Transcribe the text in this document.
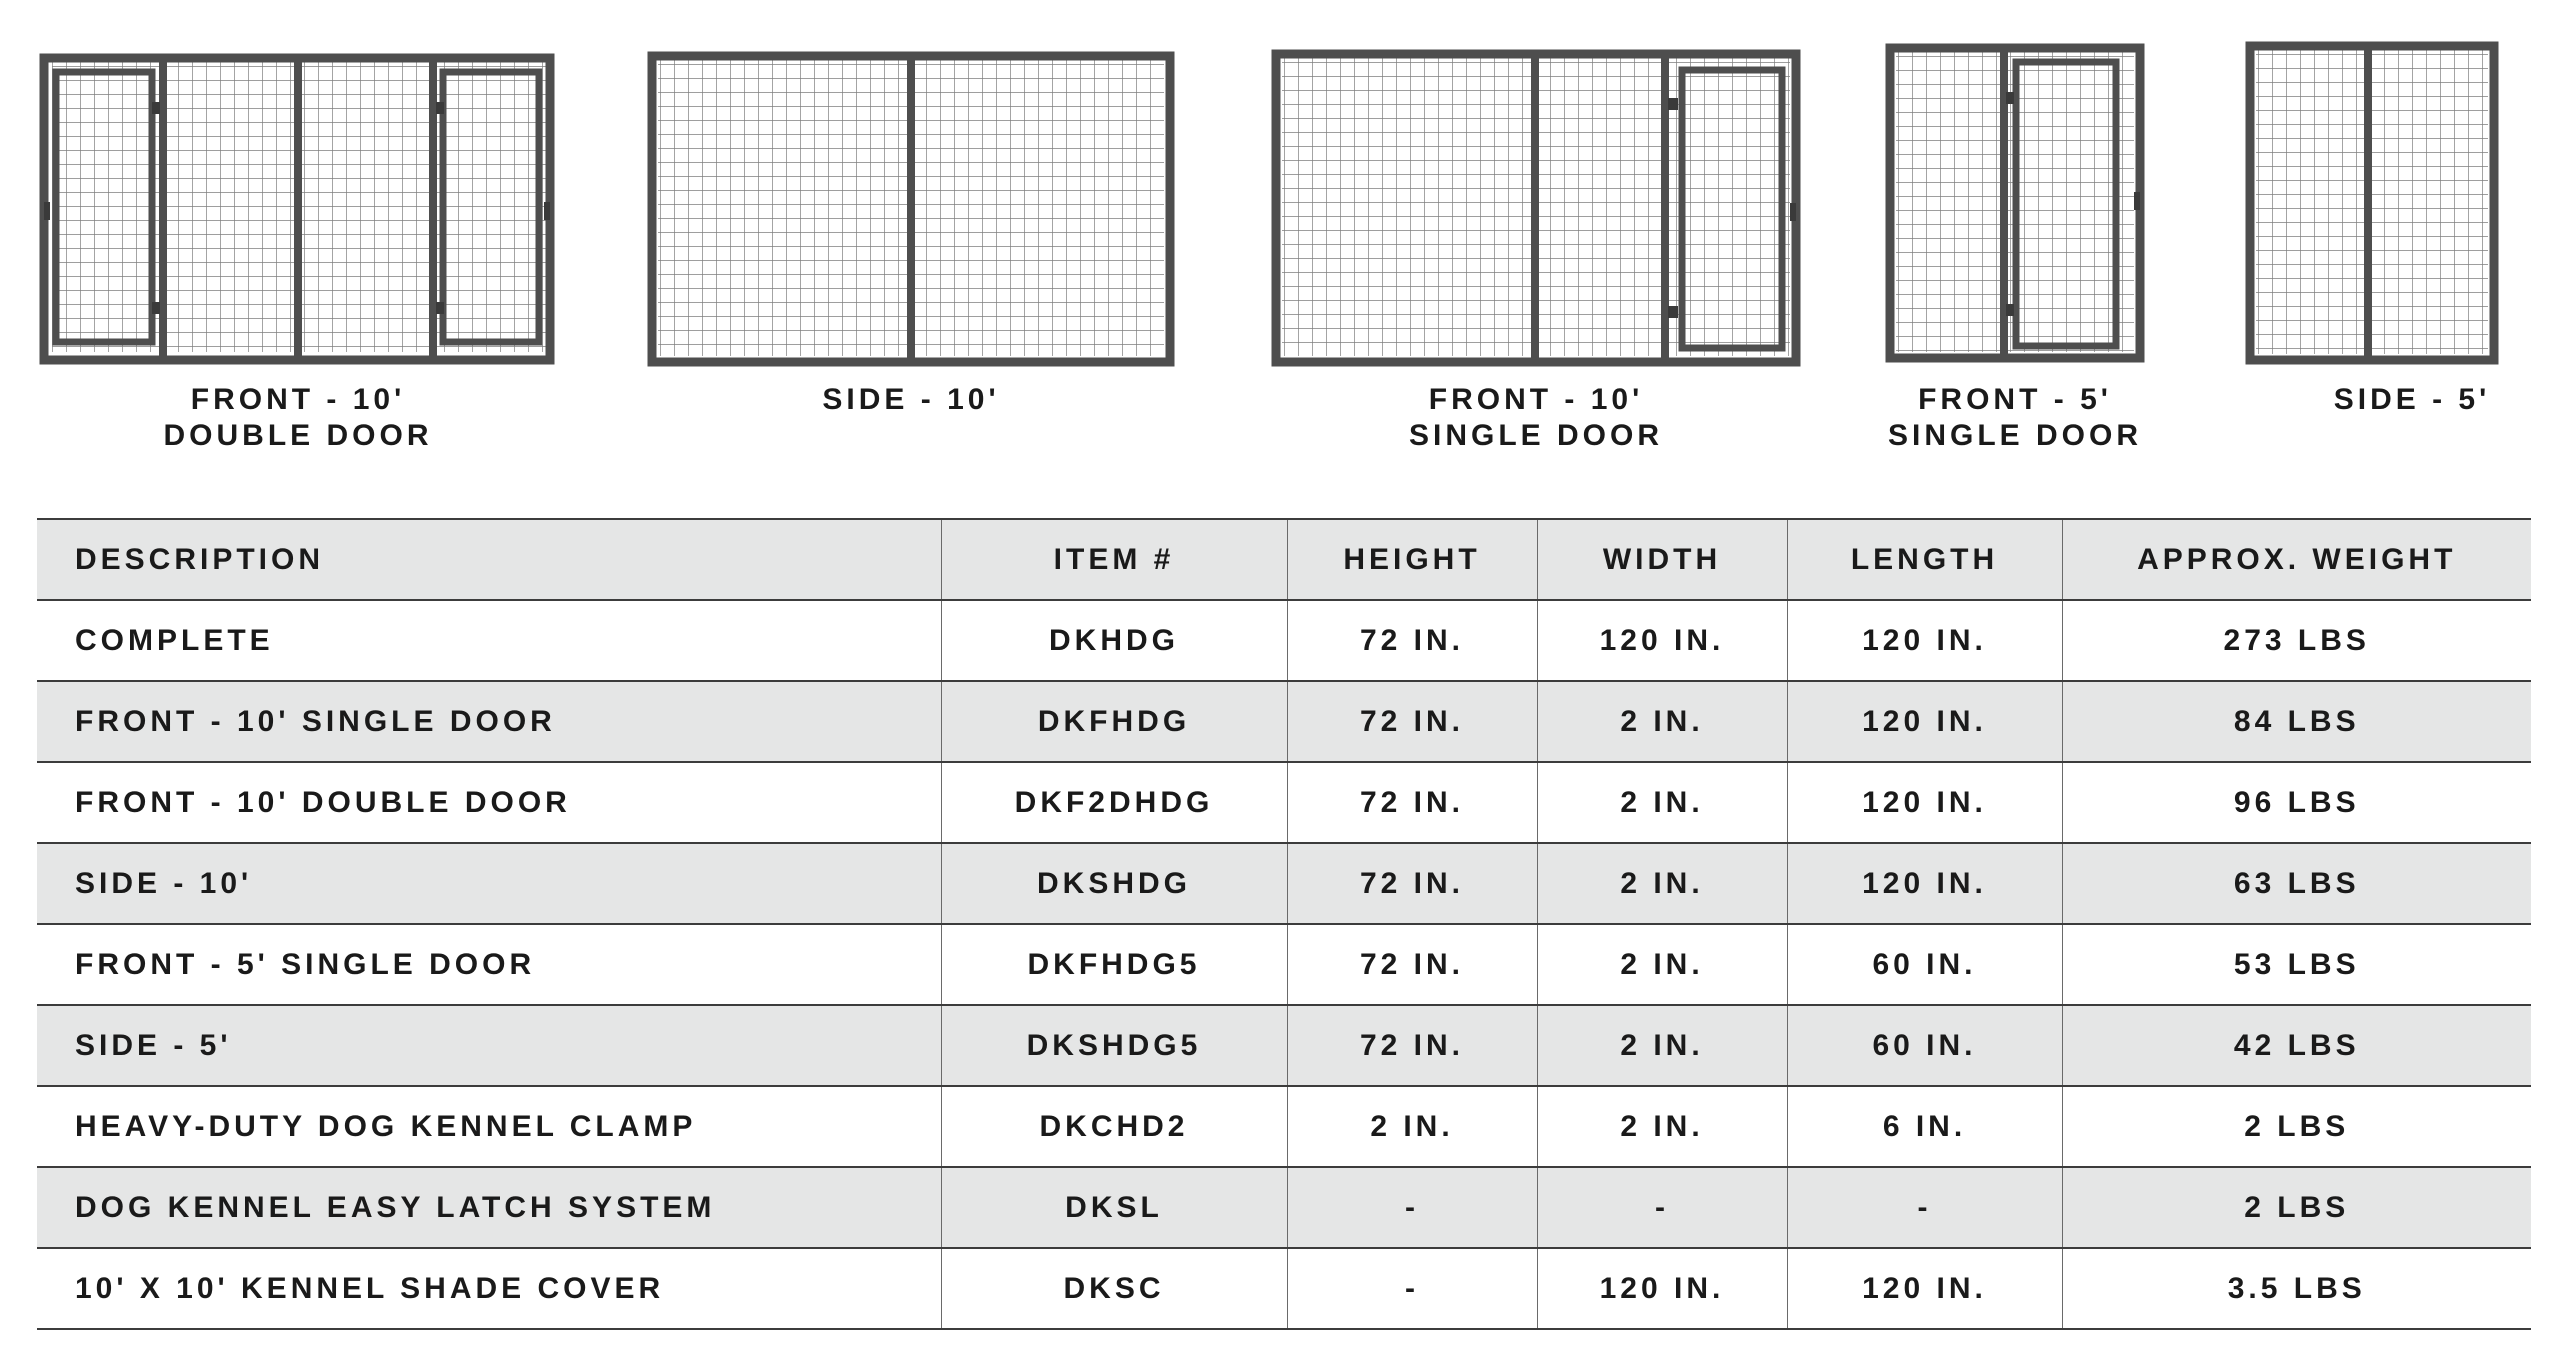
FRONT - 10'
DOUBLE DOOR
SIDE - 10'	FRONT - 10'
SINGLE DOOR
FRONT - 5'
SINGLE DOOR
SIDE - 5'
DESCRIPTION	ITEM #	HEIGHT	WIDTH	LENGTH	APPROX. WEIGHT
COMPLETE	DKHDG	72 IN.	120 IN.	120 IN.	273 LBS
FRONT - 10' SINGLE DOOR	DKFHDG	72 IN.	2 IN.	120 IN.	84 LBS
FRONT - 10' DOUBLE DOOR	DKF2DHDG	72 IN.	2 IN.	120 IN.	96 LBS
SIDE - 10'	DKSHDG	72 IN.	2 IN.	120 IN.	63 LBS
FRONT - 5' SINGLE DOOR	DKFHDG5	72 IN.	2 IN.	60 IN.	53 LBS
SIDE - 5'	DKSHDG5	72 IN.	2 IN.	60 IN.	42 LBS
HEAVY-DUTY DOG KENNEL CLAMP	DKCHD2	2 IN.	2 IN.	6 IN.	2 LBS
DOG KENNEL EASY LATCH SYSTEM	DKSL	-	-	-	2 LBS
10' X 10' KENNEL SHADE COVER	DKSC	-	120 IN.	120 IN.	3.5 LBS
